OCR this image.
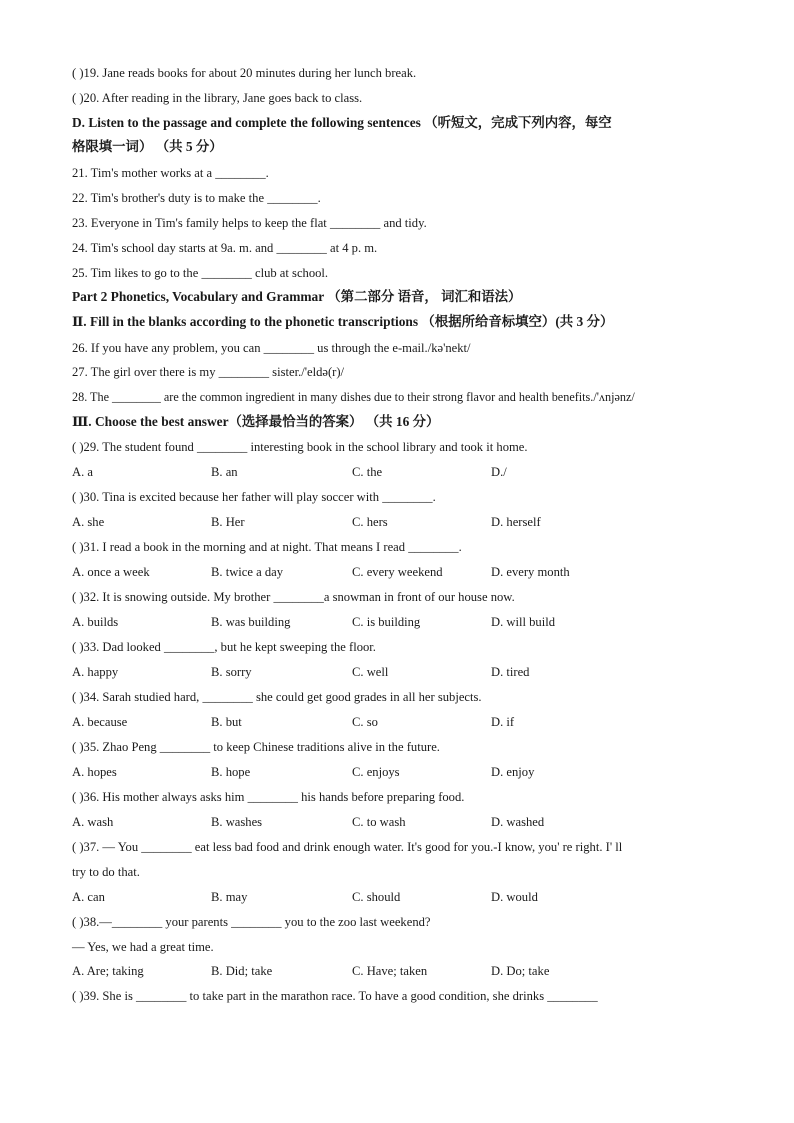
( )19. Jane reads books for about 20 minutes during her lunch break.
( )20. After reading in the library, Jane goes back to class.
D. Listen to the passage and complete the following sentences （听短文，完成下列内容，每空
格限填一词） （共 5 分）
21. Tim's mother works at a ________.
22. Tim's brother's duty is to make the ________.
23. Everyone in Tim's family helps to keep the flat ________ and tidy.
24. Tim's school day starts at 9a. m. and ________ at 4 p. m.
25. Tim likes to go to the ________ club at school.
Part 2 Phonetics, Vocabulary and Grammar （第二部分 语音， 词汇和语法）
Ⅱ. Fill in the blanks according to the phonetic transcriptions （根据所给音标填空）(共 3 分）
26. If you have any problem, you can ________ us through the e-mail./kə'nekt/
27. The girl over there is my ________ sister./'eldə(r)/
28. The ________ are the common ingredient in many dishes due to their strong flavor and health benefits./'ʌnjənz/
Ⅲ. Choose the best answer（选择最恰当的答案） （共 16 分）
( )29. The student found ________ interesting book in the school library and took it home.
A. a	B. an	C. the	D./
( )30. Tina is excited because her father will play soccer with ________.
A. she	B. Her	C. hers	D. herself
( )31. I read a book in the morning and at night. That means I read ________.
A. once a week	B. twice a day	C. every weekend	D. every month
( )32. It is snowing outside. My brother ________a snowman in front of our house now.
A. builds	B. was building	C. is building	D. will build
( )33. Dad looked ________, but he kept sweeping the floor.
A. happy	B. sorry	C. well	D. tired
( )34. Sarah studied hard, ________ she could get good grades in all her subjects.
A. because	B. but	C. so	D. if
( )35. Zhao Peng ________ to keep Chinese traditions alive in the future.
A. hopes	B. hope	C. enjoys	D. enjoy
( )36. His mother always asks him ________ his hands before preparing food.
A. wash	B. washes	C. to wash	D. washed
( )37. — You ________ eat less bad food and drink enough water. It's good for you.-I know, you' re right. I' ll
try to do that.
A. can	B. may	C. should	D. would
( )38.—________ your parents ________ you to the zoo last weekend?
— Yes, we had a great time.
A. Are; taking	B. Did; take	C. Have; taken	D. Do; take
( )39. She is ________ to take part in the marathon race. To have a good condition, she drinks ________
